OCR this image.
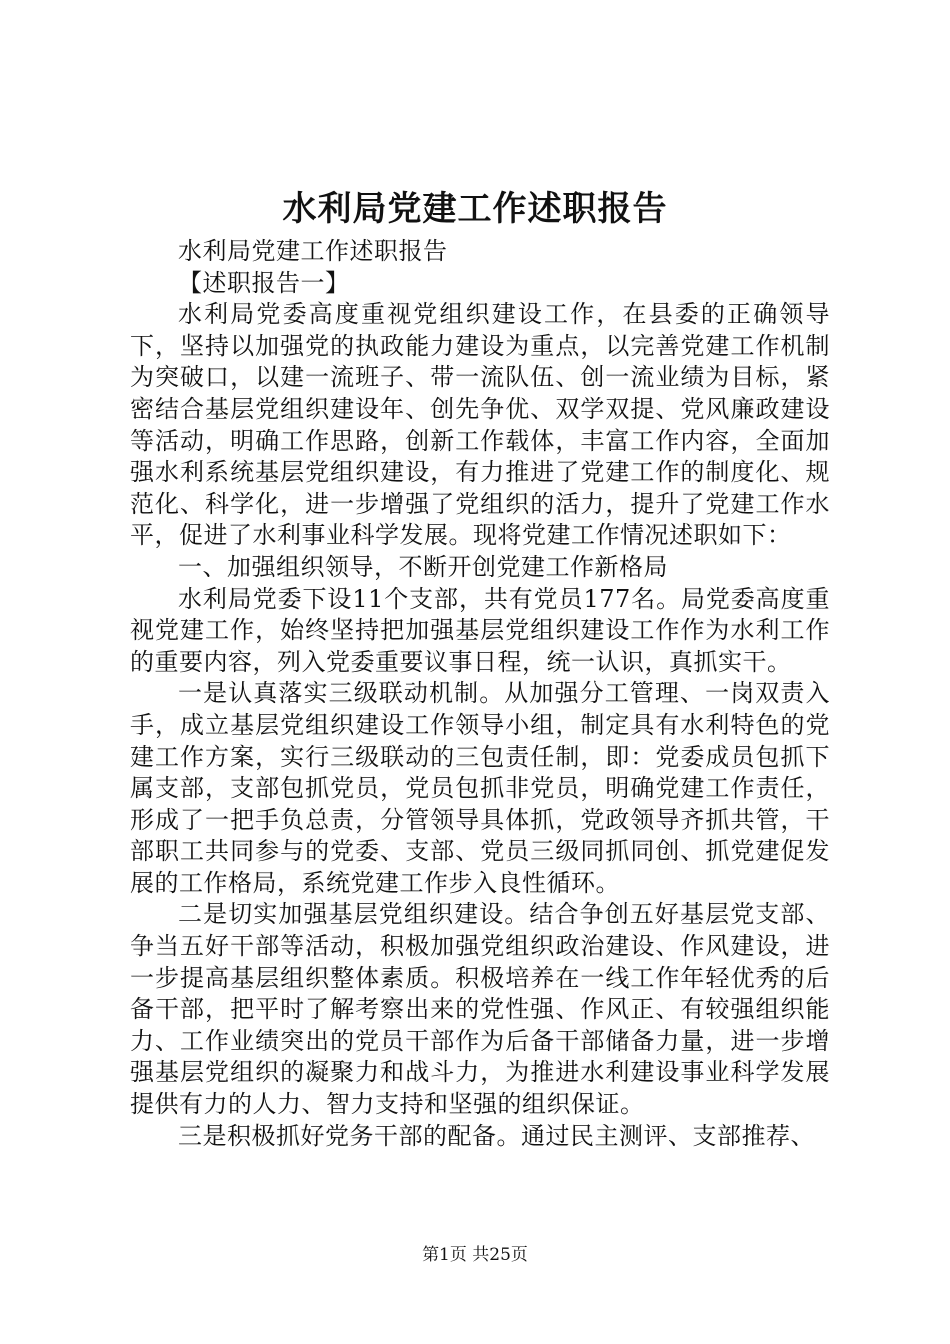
水利局党建工作述职报告

水利局党建工作述职报告

【述职报告一】

水利局党委高度重视党组织建设工作，在县委的正确领导下，坚持以加强党的执政能力建设为重点，以完善党建工作机制为突破口，以建一流班子、带一流队伍、创一流业绩为目标，紧密结合基层党组织建设年、创先争优、双学双提、党风廉政建设等活动，明确工作思路，创新工作载体，丰富工作内容，全面加强水利系统基层党组织建设，有力推进了党建工作的制度化、规范化、科学化，进一步增强了党组织的活力，提升了党建工作水平，促进了水利事业科学发展。现将党建工作情况述职如下：

一、加强组织领导，不断开创党建工作新格局

水利局党委下设11个支部，共有党员177名。局党委高度重视党建工作，始终坚持把加强基层党组织建设工作作为水利工作的重要内容，列入党委重要议事日程，统一认识，真抓实干。

一是认真落实三级联动机制。从加强分工管理、一岗双责入手，成立基层党组织建设工作领导小组，制定具有水利特色的党建工作方案，实行三级联动的三包责任制，即：党委成员包抓下属支部，支部包抓党员，党员包抓非党员，明确党建工作责任，形成了一把手负总责，分管领导具体抓，党政领导齐抓共管，干部职工共同参与的党委、支部、党员三级同抓同创、抓党建促发展的工作格局，系统党建工作步入良性循环。

二是切实加强基层党组织建设。结合争创五好基层党支部、争当五好干部等活动，积极加强党组织政治建设、作风建设，进一步提高基层组织整体素质。积极培养在一线工作年轻优秀的后备干部，把平时了解考察出来的党性强、作风正、有较强组织能力、工作业绩突出的党员干部作为后备干部储备力量，进一步增强基层党组织的凝聚力和战斗力，为推进水利建设事业科学发展提供有力的人力、智力支持和坚强的组织保证。

三是积极抓好党务干部的配备。通过民主测评、支部推荐、

第1页 共25页
